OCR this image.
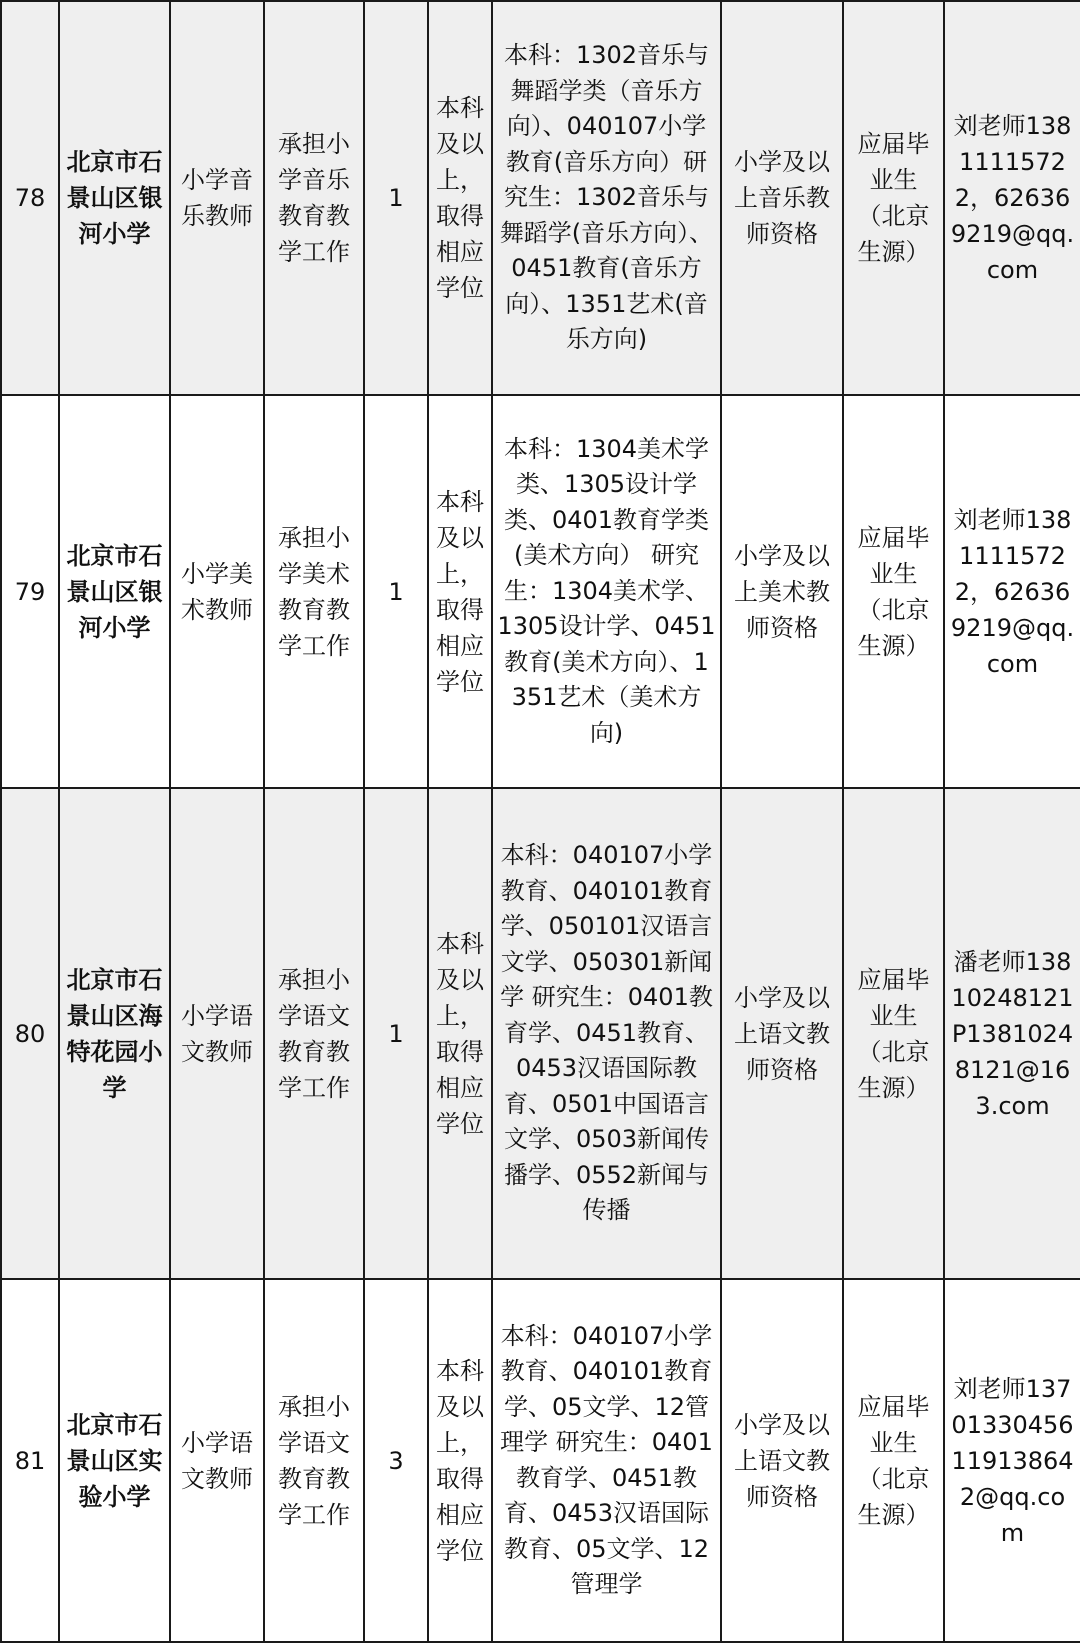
78	北京市石景山区银河小学	小学音乐教师	承担小学音乐教育教学工作	1	本科及以上，取得相应学位	本科：1302音乐与舞蹈学类（音乐方向）、040107小学教育(音乐方向）研究生：1302音乐与舞蹈学(音乐方向）、0451教育(音乐方向）、1351艺术(音乐方向)	小学及以上音乐教师资格	应届毕业生（北京生源）	刘老师13811115722，626369219@qq.com
79	北京市石景山区银河小学	小学美术教师	承担小学美术教育教学工作	1	本科及以上，取得相应学位	本科：1304美术学类、1305设计学类、0401教育学类(美术方向） 研究生：1304美术学、1305设计学、0451教育(美术方向）、1351艺术（美术方向)	小学及以上美术教师资格	应届毕业生（北京生源）	刘老师13811115722，626369219@qq.com
80	北京市石景山区海特花园小学	小学语文教师	承担小学语文教育教学工作	1	本科及以上，取得相应学位	本科：040107小学教育、040101教育学、050101汉语言文学、050301新闻学 研究生：0401教育学、0451教育、0453汉语国际教育、0501中国语言文学、0503新闻传播学、0552新闻与传播	小学及以上语文教师资格	应届毕业生（北京生源）	潘老师13810248121 P13810248121@163.com
81	北京市石景山区实验小学	小学语文教师	承担小学语文教育教学工作	3	本科及以上，取得相应学位	本科：040107小学教育、040101教育学、05文学、12管理学 研究生：0401教育学、0451教育、0453汉语国际教育、05文学、12管理学	小学及以上语文教师资格	应届毕业生（北京生源）	刘老师13701330456 119138642@qq.com
